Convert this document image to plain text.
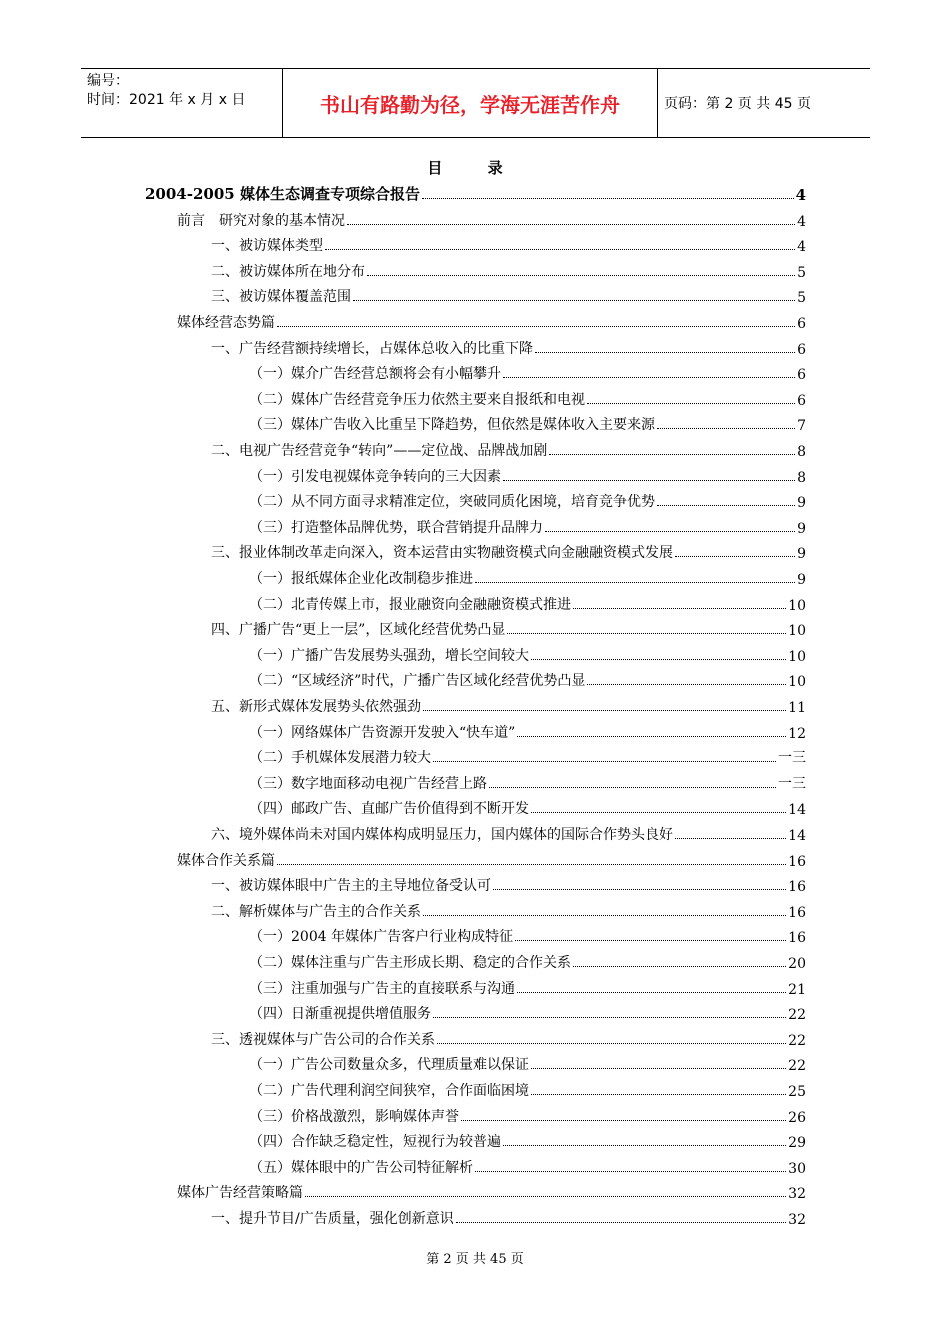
编号：
时间：2021 年 x 月 x 日	书山有路勤为径，学海无涯苦作舟	页码：第 2 页 共 45 页
目 录
2004-2005 媒体生态调查专项综合报告	4
前言　研究对象的基本情况	4
一、被访媒体类型	4
二、被访媒体所在地分布	5
三、被访媒体覆盖范围	5
媒体经营态势篇	6
一、广告经营额持续增长，占媒体总收入的比重下降	6
（一）媒介广告经营总额将会有小幅攀升	6
（二）媒体广告经营竞争压力依然主要来自报纸和电视	6
（三）媒体广告收入比重呈下降趋势，但依然是媒体收入主要来源	7
二、电视广告经营竞争“转向”——定位战、品牌战加剧	8
（一）引发电视媒体竞争转向的三大因素	8
（二）从不同方面寻求精准定位，突破同质化困境，培育竞争优势	9
（三）打造整体品牌优势，联合营销提升品牌力	9
三、报业体制改革走向深入，资本运营由实物融资模式向金融融资模式发展	9
（一）报纸媒体企业化改制稳步推进	9
（二）北青传媒上市，报业融资向金融融资模式推进	10
四、广播广告“更上一层”，区域化经营优势凸显	10
（一）广播广告发展势头强劲，增长空间较大	10
（二）“区域经济”时代，广播广告区域化经营优势凸显	10
五、新形式媒体发展势头依然强劲	11
（一）网络媒体广告资源开发驶入“快车道”	12
（二）手机媒体发展潜力较大	一三
（三）数字地面移动电视广告经营上路	一三
（四）邮政广告、直邮广告价值得到不断开发	14
六、境外媒体尚未对国内媒体构成明显压力，国内媒体的国际合作势头良好	14
媒体合作关系篇	16
一、被访媒体眼中广告主的主导地位备受认可	16
二、解析媒体与广告主的合作关系	16
（一）2004 年媒体广告客户行业构成特征	16
（二）媒体注重与广告主形成长期、稳定的合作关系	20
（三）注重加强与广告主的直接联系与沟通	21
（四）日渐重视提供增值服务	22
三、透视媒体与广告公司的合作关系	22
（一）广告公司数量众多，代理质量难以保证	22
（二）广告代理利润空间狭窄，合作面临困境	25
（三）价格战激烈，影响媒体声誉	26
（四）合作缺乏稳定性，短视行为较普遍	29
（五）媒体眼中的广告公司特征解析	30
媒体广告经营策略篇	32
一、提升节目/广告质量，强化创新意识	32
第 2 页 共 45 页
